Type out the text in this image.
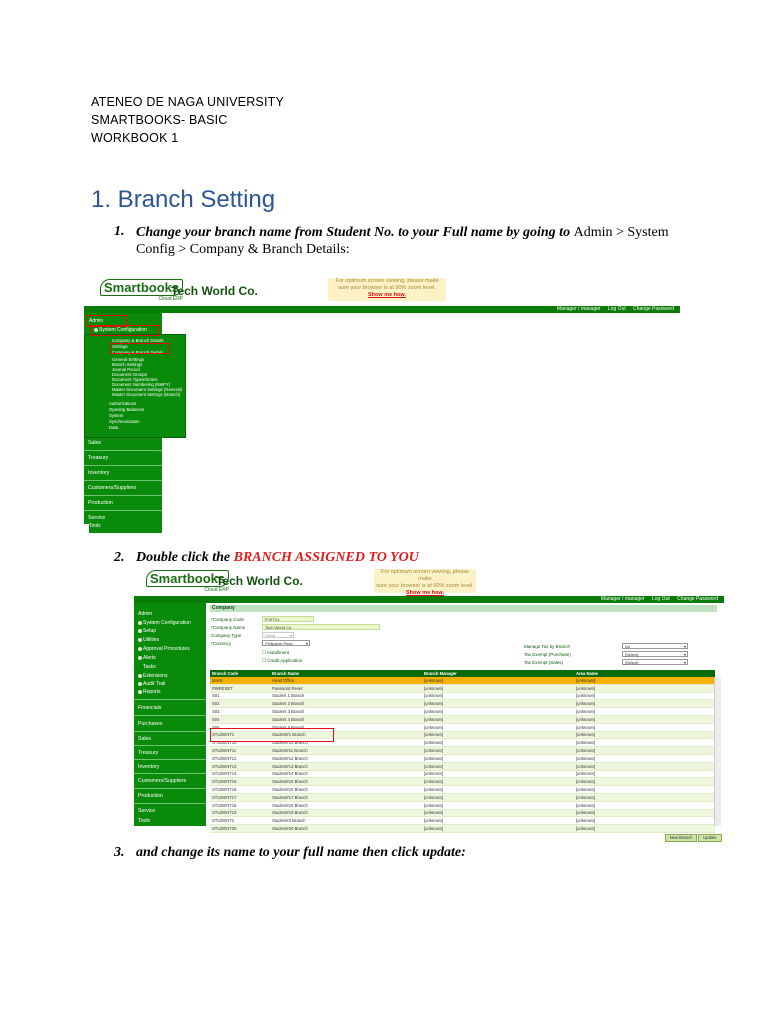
ATENEO DE NAGA UNIVERSITY
SMARTBOOKS- BASIC
WORKBOOK 1
1. Branch Setting
1. Change your branch name from Student No. to your Full name by going to Admin > System
Config > Company & Branch Details:
Smartbooks
Cloud ERP
Tech World Co.
For optimum screen viewing, please make
sure your browser is at 90% zoom level.
Show me how.
Manager / manager Log Out Change Password
Admin
System Configuration
Sales
Treasury
Inventory
Customers/Suppliers
Production
Service
Tools
Company & Branch Details
Settings
Company & Branch Details
General Settings
Branch Settings
Journal Period
Document Groups
Document Types/Series
Document Numbering (NMFY)
Master Document Settings (General)
Master Document Settings (Branch)
Authorizations
Opening Balances
System
Synchronization
Data
2. Double click the BRANCH ASSIGNED TO YOU
Smartbooks
Cloud ERP
Tech World Co.
For optimum screen viewing, please make
sure your browser is at 90% zoom level.
Show me how.
Manager / manager Log Out Change Password
Admin
System Configuration
Setup
Utilities
Approval Procedures
Alerts
Tasks
Extensions
Audit Trail
Reports
Financials
Purchases
Sales
Treasury
Inventory
Customers/Suppliers
Production
Service
Tools
Company
*Company Code	PJSTGL
*Company Name	Tech World Co.
Company Type	Retail	▾
*Currency	Philippine Peso	▾
☐ Installment
☐ Credit Application
Manage Tax by Branch	No	▾
Tax Exempt (Purchase)	[Select]	▾
Tax Exempt (Sales)	[Select]	▾
Branch Code	Branch Name	Branch Manager	Area Name
MAIN	Head Office	[unknown]	[unknown]
PWRESET	Password Reset	[unknown]	[unknown]
S01	Student 1 Branch	[unknown]	[unknown]
S02	Student 2 Branch	[unknown]	[unknown]
S03	Student 3 Branch	[unknown]	[unknown]
S04	Student 4 Branch	[unknown]	[unknown]
S05	Student 5 Branch	[unknown]	[unknown]
STUDENT1	Student#1 Branch	[unknown]	[unknown]
STUDENT10	Student#10 Branch	[unknown]	[unknown]
STUDENT11	Student#11 Branch	[unknown]	[unknown]
STUDENT12	Student#12 Branch	[unknown]	[unknown]
STUDENT13	Student#13 Branch	[unknown]	[unknown]
STUDENT14	Student#14 Branch	[unknown]	[unknown]
STUDENT15	Student#15 Branch	[unknown]	[unknown]
STUDENT16	Student#16 Branch	[unknown]	[unknown]
STUDENT17	Student#17 Branch	[unknown]	[unknown]
STUDENT18	Student#18 Branch	[unknown]	[unknown]
STUDENT19	Student#19 Branch	[unknown]	[unknown]
STUDENT2	Student#2 Branch	[unknown]	[unknown]
STUDENT20	Student#20 Branch	[unknown]	[unknown]
New Branch	Update
3. and change its name to your full name then click update:
